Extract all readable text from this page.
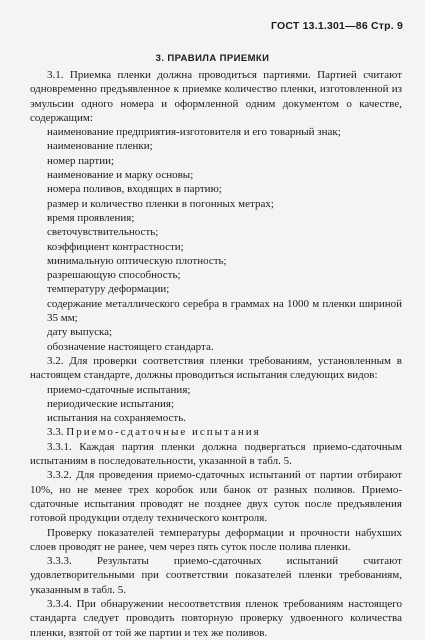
ГОСТ 13.1.301—86 Стр. 9
3. ПРАВИЛА ПРИЕМКИ

3.1. Приемка пленки должна проводиться партиями. Партией считают одновременно предъявленное к приемке количество пленки, изготовленной из эмульсии одного номера и оформленной одним документом о качестве, содержащим:

наименование предприятия-изготовителя и его товарный знак;

наименование пленки;

номер партии;

наименование и марку основы;

номера поливов, входящих в партию;

размер и количество пленки в погонных метрах;

время проявления;

светочувствительность;

коэффициент контрастности;

минимальную оптическую плотность;

разрешающую способность;

температуру деформации;

содержание металлического серебра в граммах на 1000 м пленки шириной 35 мм;

дату выпуска;

обозначение настоящего стандарта.

3.2. Для проверки соответствия пленки требованиям, установленным в настоящем стандарте, должны проводиться испытания следующих видов:

приемо-сдаточные испытания;

периодические испытания;

испытания на сохраняемость.

3.3. Приемо-сдаточные испытания

3.3.1. Каждая партия пленки должна подвергаться приемо-сдаточным испытаниям в последовательности, указанной в табл. 5.

3.3.2. Для проведения приемо-сдаточных испытаний от партии отбирают 10%, но не менее трех коробок или банок от разных поливов. Приемо-сдаточные испытания проводят не позднее двух суток после предъявления готовой продукции отделу технического контроля.

Проверку показателей температуры деформации и прочности набухших слоев проводят не ранее, чем через пять суток после полива пленки.

3.3.3. Результаты приемо-сдаточных испытаний считают удовлетворительными при соответствии показателей пленки требованиям, указанным в табл. 5.

3.3.4. При обнаружении несоответствия пленок требованиям настоящего стандарта следует проводить повторную проверку удвоенного количества пленки, взятой от той же партии и тех же поливов.
